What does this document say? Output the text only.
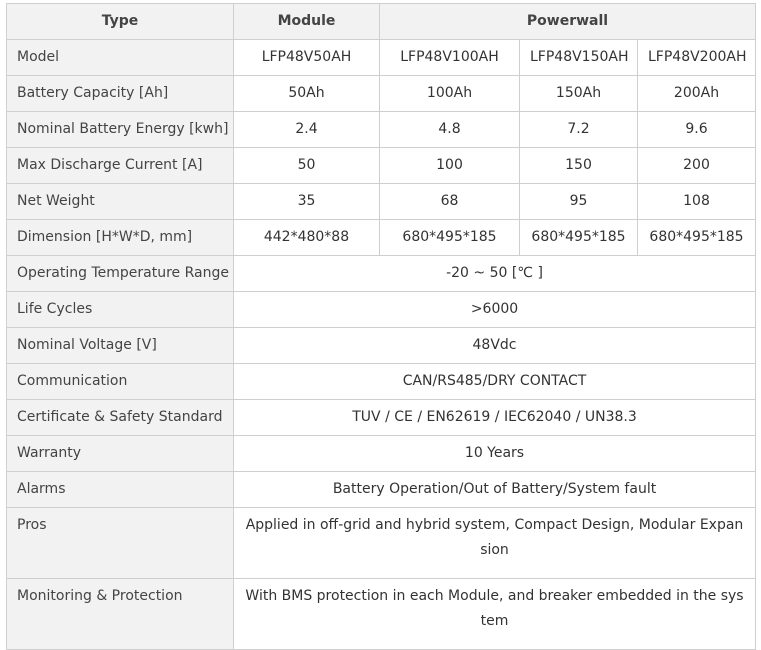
Type	Module	Powerwall		
Model	LFP48V50AH	LFP48V100AH	LFP48V150AH	LFP48V200AH
Battery Capacity [Ah]	50Ah	100Ah	150Ah	200Ah
Nominal Battery Energy [kwh]	2.4	4.8	7.2	9.6
Max Discharge Current [A]	50	100	150	200
Net Weight	35	68	95	108
Dimension [H*W*D, mm]	442*480*88	680*495*185	680*495*185	680*495*185
Operating Temperature Range	-20 ~ 50 [℃ ]			
Life Cycles	>6000			
Nominal Voltage [V]	48Vdc			
Communication	CAN/RS485/DRY CONTACT			
Certificate & Safety Standard	TUV / CE / EN62619 / IEC62040 / UN38.3			
Warranty	10 Years			
Alarms	Battery Operation/Out of Battery/System fault			
Pros	Applied in off-grid and hybrid system, Compact Design, Modular Expansion			
Monitoring & Protection	With BMS protection in each Module, and breaker embedded in the system			
